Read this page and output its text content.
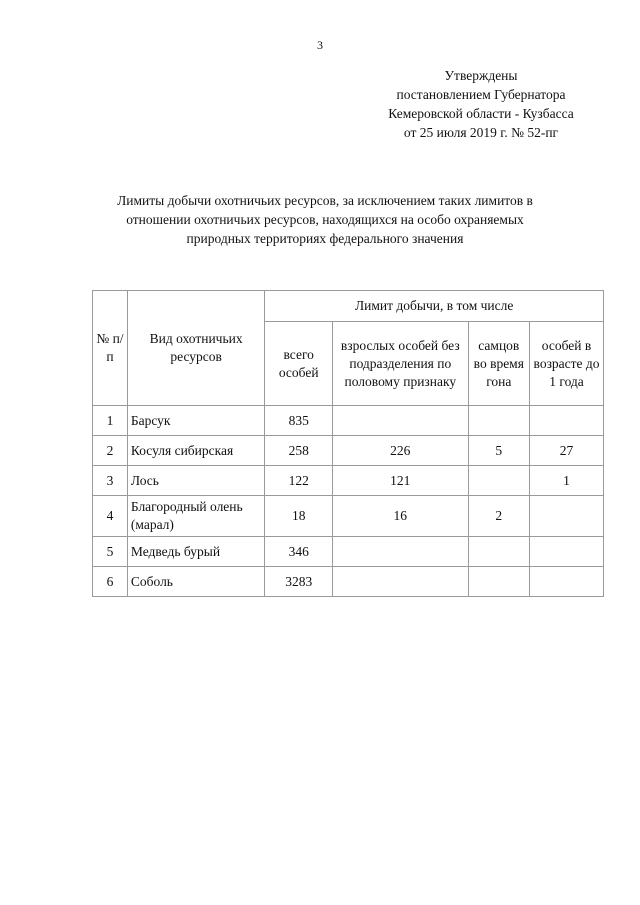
3
Утверждены
постановлением Губернатора
Кемеровской области - Кузбасса
от 25 июля 2019 г. № 52-пг
Лимиты добычи охотничьих ресурсов, за исключением таких лимитов в
отношении охотничьих ресурсов, находящихся на особо охраняемых
природных территориях федерального значения
№ п/п	Вид охотничьих ресурсов	Лимит добычи, в том числе			
		всего особей	взрослых особей без подразделения по половому признаку	самцов во время гона	особей в возрасте до 1 года
1	Барсук	835			
2	Косуля сибирская	258	226	5	27
3	Лось	122	121		1
4	Благородный олень (марал)	18	16	2	
5	Медведь бурый	346			
6	Соболь	3283			
